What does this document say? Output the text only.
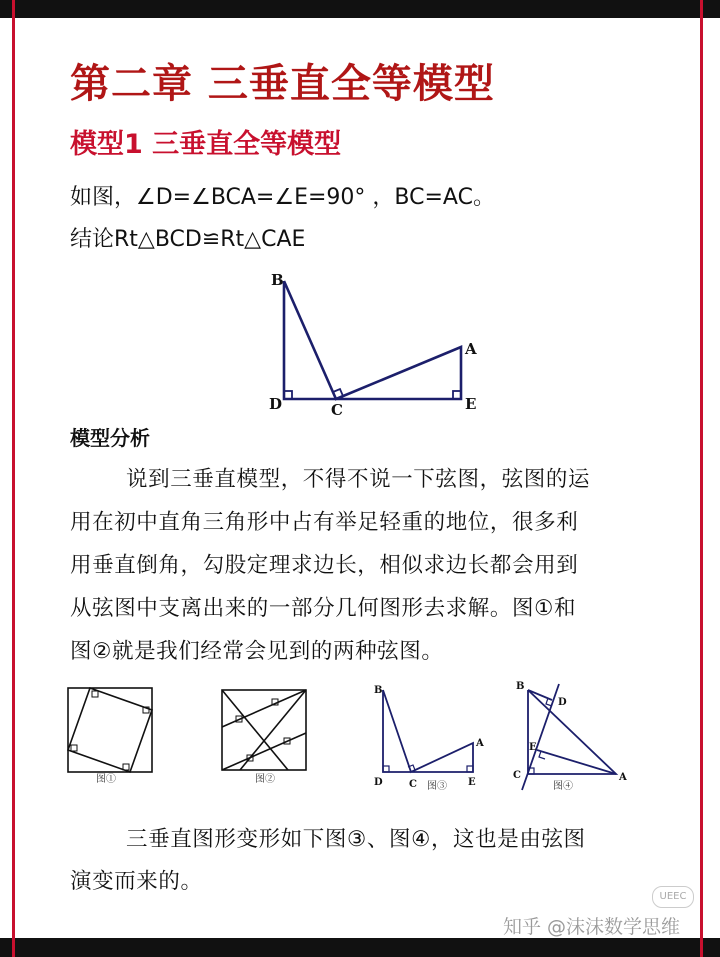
第二章 三垂直全等模型
模型1 三垂直全等模型
如图，∠D=∠BCA=∠E=90° ，BC=AC。
结论Rt△BCD≌Rt△CAE
B
A
D	C	E
模型分析
说到三垂直模型，不得不说一下弦图，弦图的运
用在初中直角三角形中占有举足轻重的地位，很多利
用垂直倒角，勾股定理求边长，相似求边长都会用到
从弦图中支离出来的一部分几何图形去求解。图①和
图②就是我们经常会见到的两种弦图。
图①	图②
B
A
D	C	E
图③
B
D
E
C	A
图④
三垂直图形变形如下图③、图④，这也是由弦图
演变而来的。
UEEC
知乎 @沫沫数学思维
